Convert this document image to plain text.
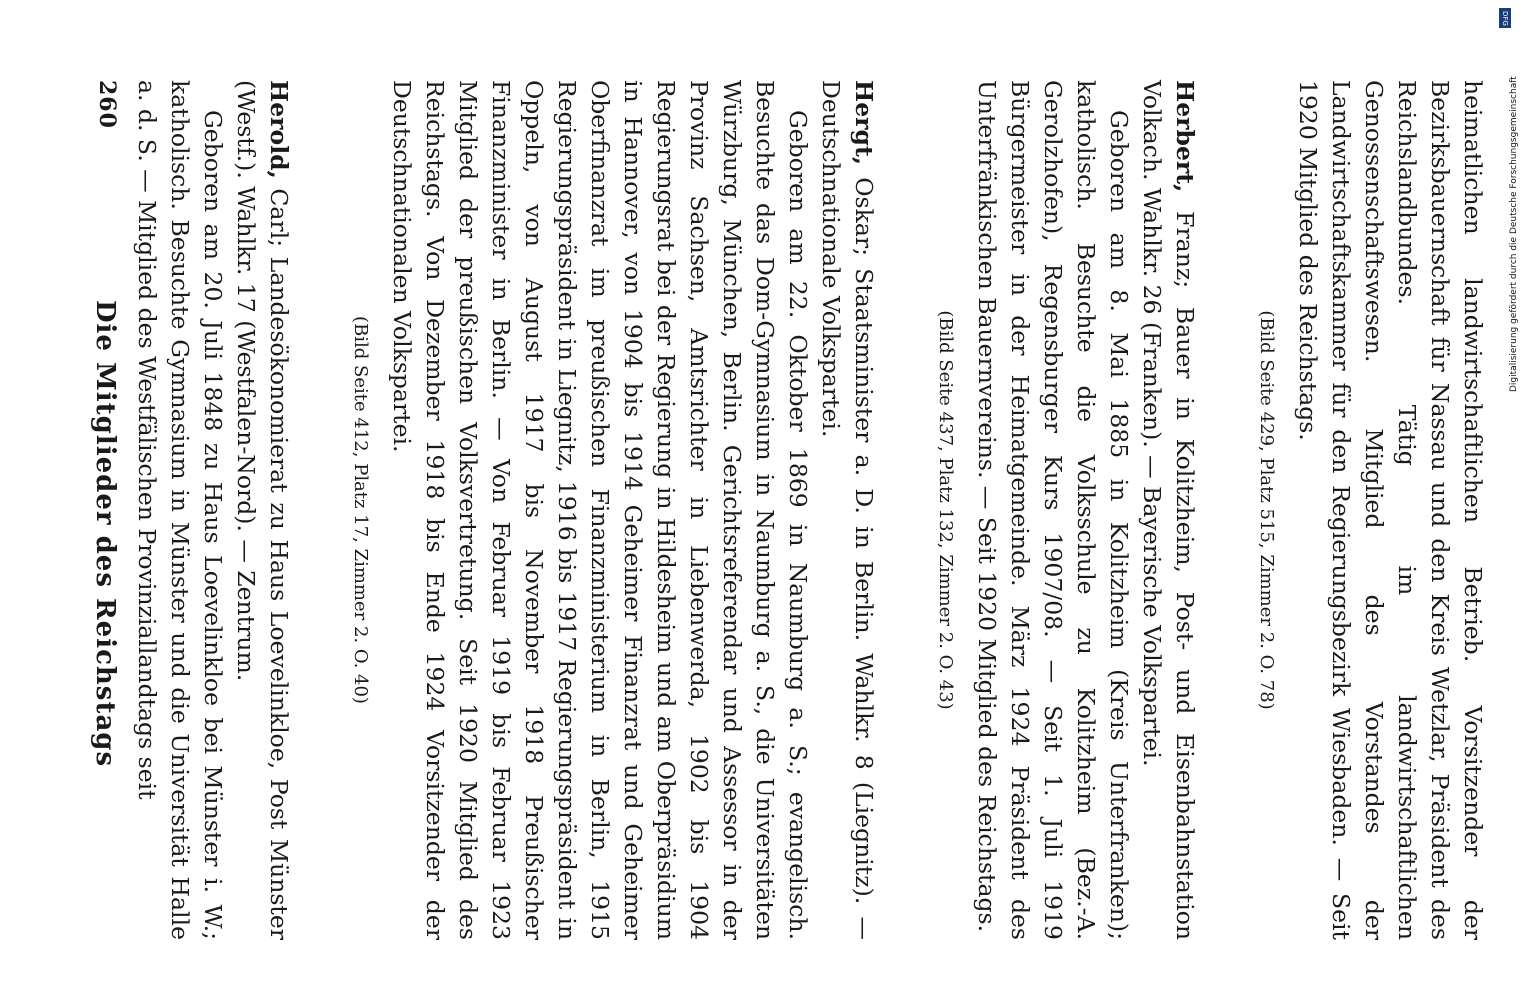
DFG
Digitalisierung gefördert durch die Deutsche Forschungsgemeinschaft
260
Die Mitglieder des Reichstags	heimatlichen landwirtschaftlichen Betrieb. Vorsitzender der Bezirksbauernschaft für Nassau und den Kreis Wetzlar, Präsident des Reichslandbundes. Tätig im landwirtschaftlichen Genossenschaftswesen. Mitglied des Vorstandes der Landwirtschaftskammer für den Regierungsbezirk Wiesbaden. — Seit 1920 Mitglied des Reichstags.

(Bild Seite 429, Platz 515, Zimmer 2. O. 78)

Herbert, Franz; Bauer in Kolitzheim, Post- und Eisenbahnstation Volkach. Wahlkr. 26 (Franken). — Bayerische Volkspartei.

Geboren am 8. Mai 1885 in Kolitzheim (Kreis Unterfranken); katholisch. Besuchte die Volksschule zu Kolitzheim (Bez.-A. Gerolzhofen), Regensburger Kurs 1907/08. — Seit 1. Juli 1919 Bürgermeister in der Heimatgemeinde. März 1924 Präsident des Unterfränkischen Bauernvereins. — Seit 1920 Mitglied des Reichstags.

(Bild Seite 437, Platz 132, Zimmer 2. O. 43)

Hergt, Oskar; Staatsminister a. D. in Berlin. Wahlkr. 8 (Liegnitz). — Deutschnationale Volkspartei.

Geboren am 22. Oktober 1869 in Naumburg a. S.; evangelisch. Besuchte das Dom-Gymnasium in Naumburg a. S., die Universitäten Würzburg, München, Berlin. Gerichtsreferendar und Assessor in der Provinz Sachsen, Amtsrichter in Liebenwerda, 1902 bis 1904 Regierungsrat bei der Regierung in Hildesheim und am Oberpräsidium in Hannover, von 1904 bis 1914 Geheimer Finanzrat und Geheimer Oberfinanzrat im preußischen Finanzministerium in Berlin, 1915 Regierungspräsident in Liegnitz, 1916 bis 1917 Regierungspräsident in Oppeln, von August 1917 bis November 1918 Preußischer Finanzminister in Berlin. — Von Februar 1919 bis Februar 1923 Mitglied der preußischen Volksvertretung. Seit 1920 Mitglied des Reichstags. Von Dezember 1918 bis Ende 1924 Vorsitzender der Deutschnationalen Volkspartei.

(Bild Seite 412, Platz 17, Zimmer 2. O. 40)

Herold, Carl; Landesökonomierat zu Haus Loevelinkloe, Post Münster (Westf.). Wahlkr. 17 (Westfalen-Nord). — Zentrum.

Geboren am 20. Juli 1848 zu Haus Loevelinkloe bei Münster i. W.; katholisch. Besuchte Gymnasium in Münster und die Universität Halle a. d. S. — Mitglied des Westfälischen Provinziallandtags seit
